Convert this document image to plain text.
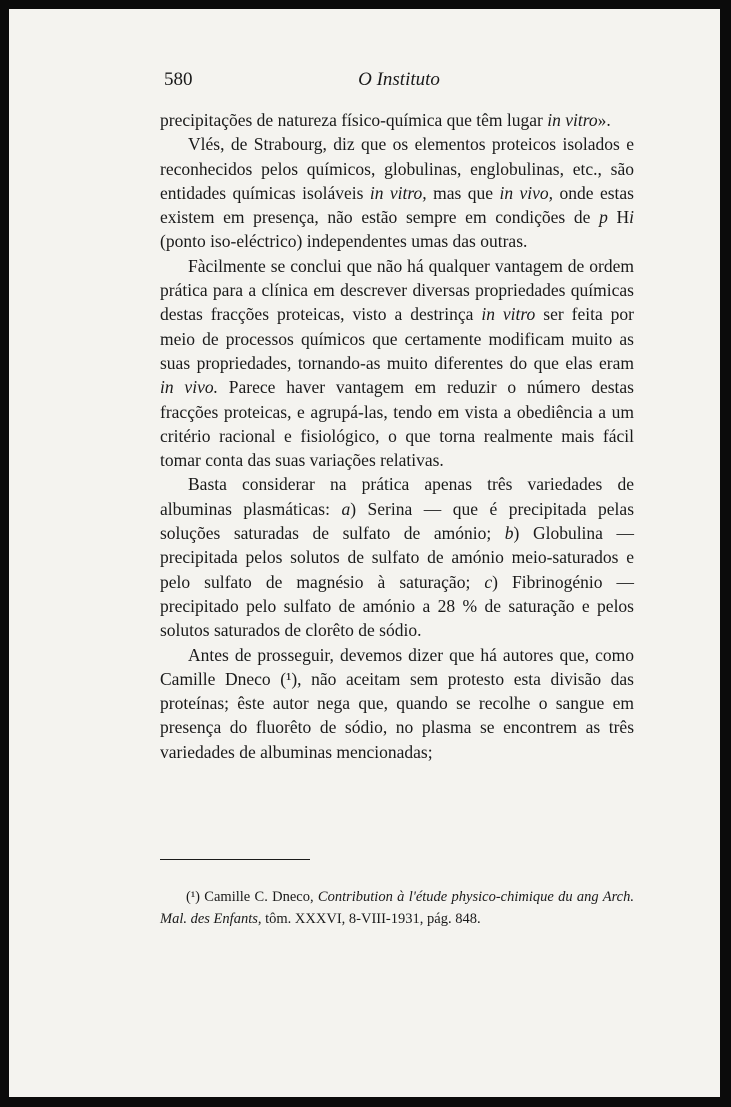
580	O Instituto

precipitações de natureza físico-química que têm lugar in vitro».

Vlés, de Strabourg, diz que os elementos proteicos isolados e reconhecidos pelos químicos, globulinas, englobulinas, etc., são entidades químicas isoláveis in vitro, mas que in vivo, onde estas existem em presença, não estão sempre em condições de p Hi (ponto iso-eléctrico) independentes umas das outras.

Fàcilmente se conclui que não há qualquer vantagem de ordem prática para a clínica em descrever diversas propriedades químicas destas fracções proteicas, visto a destrinça in vitro ser feita por meio de processos químicos que certamente modificam muito as suas propriedades, tornando-as muito diferentes do que elas eram in vivo. Parece haver vantagem em reduzir o número destas fracções proteicas, e agrupá-las, tendo em vista a obediência a um critério racional e fisiológico, o que torna realmente mais fácil tomar conta das suas variações relativas.

Basta considerar na prática apenas três variedades de albuminas plasmáticas: a) Serina — que é precipitada pelas soluções saturadas de sulfato de amónio; b) Globulina — precipitada pelos solutos de sulfato de amónio meio-saturados e pelo sulfato de magnésio à saturação; c) Fibrinogénio — precipitado pelo sulfato de amónio a 28 % de saturação e pelos solutos saturados de clorêto de sódio.

Antes de prosseguir, devemos dizer que há autores que, como Camille Dneco (¹), não aceitam sem protesto esta divisão das proteínas; êste autor nega que, quando se recolhe o sangue em presença do fluorêto de sódio, no plasma se encontrem as três variedades de albuminas mencionadas;

(¹) Camille C. Dneco, Contribution à l'étude physico-chimique du ang Arch. Mal. des Enfants, tôm. XXXVI, 8-VIII-1931, pág. 848.
